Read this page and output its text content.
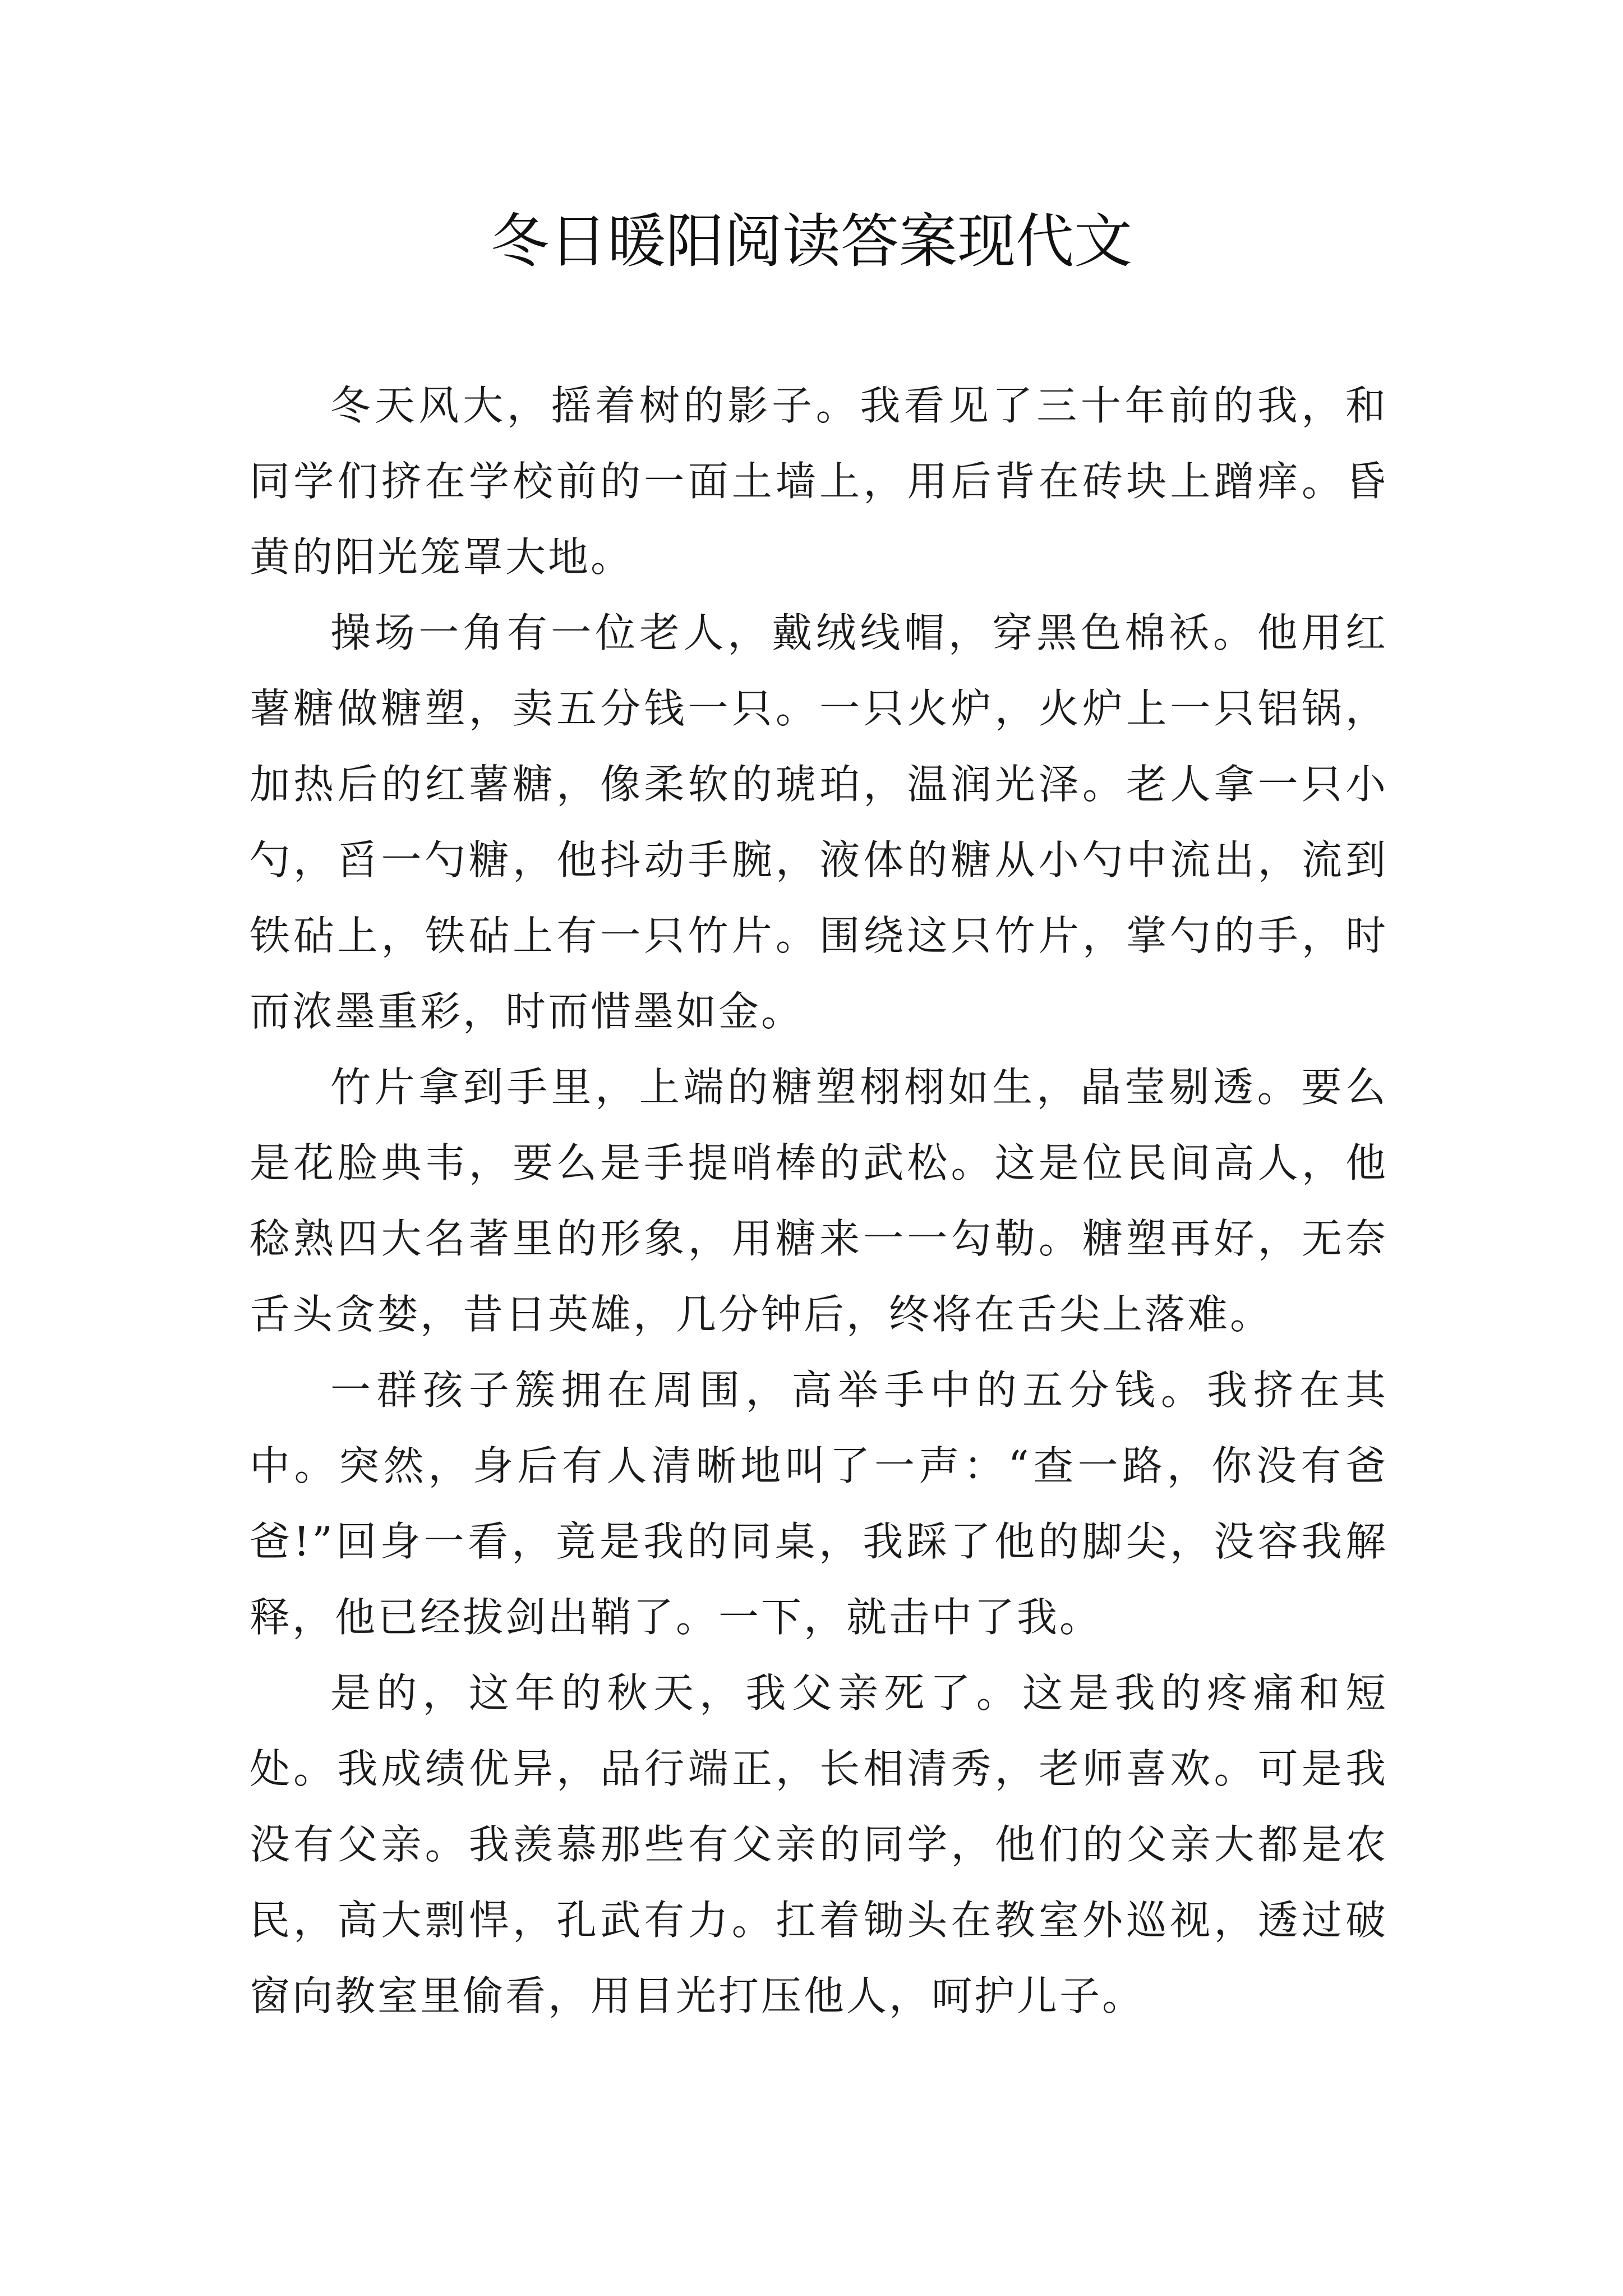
冬日暖阳阅读答案现代文

冬天风大，摇着树的影子。我看见了三十年前的我，和同学们挤在学校前的一面土墙上，用后背在砖块上蹭痒。昏黄的阳光笼罩大地。

操场一角有一位老人，戴绒线帽，穿黑色棉袄。他用红薯糖做糖塑，卖五分钱一只。一只火炉，火炉上一只铝锅，加热后的红薯糖，像柔软的琥珀，温润光泽。老人拿一只小勺，舀一勺糖，他抖动手腕，液体的糖从小勺中流出，流到铁砧上，铁砧上有一只竹片。围绕这只竹片，掌勺的手，时而浓墨重彩，时而惜墨如金。

竹片拿到手里，上端的糖塑栩栩如生，晶莹剔透。要么是花脸典韦，要么是手提哨棒的武松。这是位民间高人，他稔熟四大名著里的形象，用糖来一一勾勒。糖塑再好，无奈舌头贪婪，昔日英雄，几分钟后，终将在舌尖上落难。

一群孩子簇拥在周围，高举手中的五分钱。我挤在其中。突然，身后有人清晰地叫了一声：“查一路，你没有爸爸!”回身一看，竟是我的同桌，我踩了他的脚尖，没容我解释，他已经拔剑出鞘了。一下，就击中了我。

是的，这年的秋天，我父亲死了。这是我的疼痛和短处。我成绩优异，品行端正，长相清秀，老师喜欢。可是我没有父亲。我羡慕那些有父亲的同学，他们的父亲大都是农民，高大剽悍，孔武有力。扛着锄头在教室外巡视，透过破窗向教室里偷看，用目光打压他人，呵护儿子。
